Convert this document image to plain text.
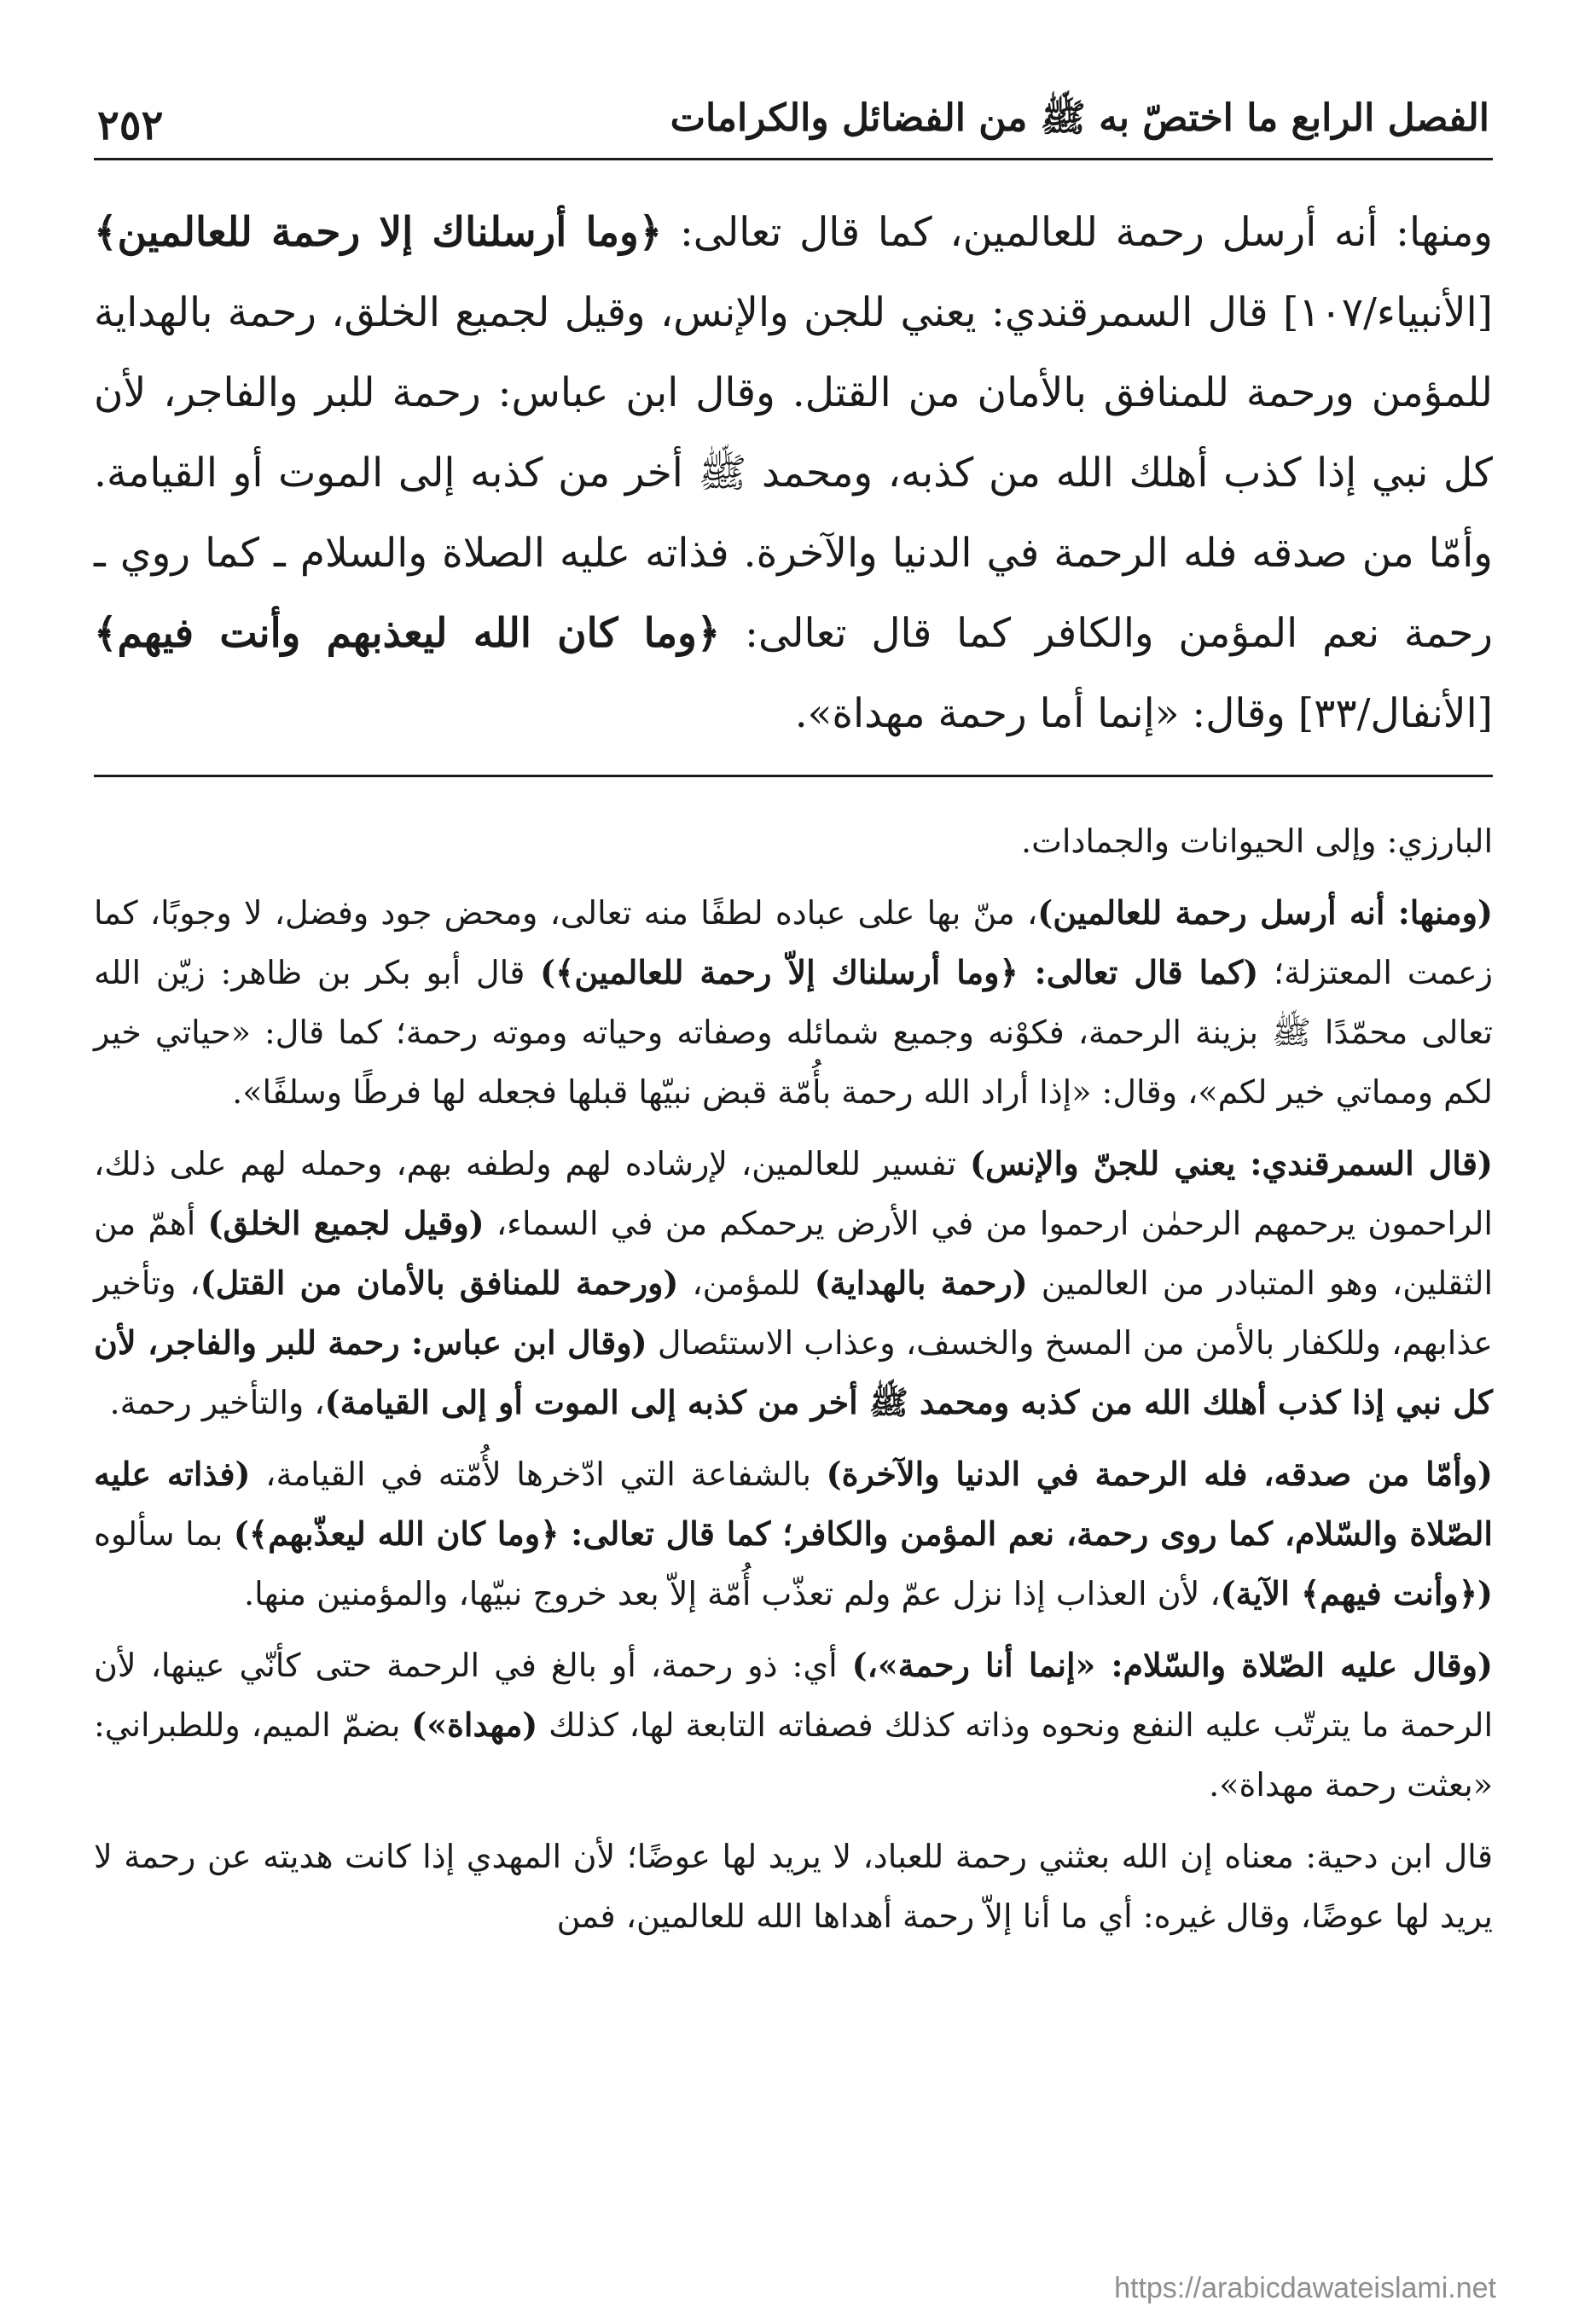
الفصل الرابع ما اختصّ به ﷺ من الفضائل والكرامات
٢٥٢

ومنها: أنه أرسل رحمة للعالمين، كما قال تعالى: ﴿وما أرسلناك إلا رحمة للعالمين﴾ [الأنبياء/١٠٧] قال السمرقندي: يعني للجن والإنس، وقيل لجميع الخلق، رحمة بالهداية للمؤمن ورحمة للمنافق بالأمان من القتل. وقال ابن عباس: رحمة للبر والفاجر، لأن كل نبي إذا كذب أهلك الله من كذبه، ومحمد ﷺ أخر من كذبه إلى الموت أو القيامة. وأمّا من صدقه فله الرحمة في الدنيا والآخرة. فذاته عليه الصلاة والسلام ـ كما روي ـ رحمة نعم المؤمن والكافر كما قال تعالى: ﴿وما كان الله ليعذبهم وأنت فيهم﴾ [الأنفال/٣٣] وقال: «إنما أما رحمة مهداة».

البارزي: وإلى الحيوانات والجمادات.

(ومنها: أنه أرسل رحمة للعالمين)، منّ بها على عباده لطفًا منه تعالى، ومحض جود وفضل، لا وجوبًا، كما زعمت المعتزلة؛ (كما قال تعالى: ﴿وما أرسلناك إلاّ رحمة للعالمين﴾) قال أبو بكر بن ظاهر: زيّن الله تعالى محمّدًا ﷺ بزينة الرحمة، فكوْنه وجميع شمائله وصفاته وحياته وموته رحمة؛ كما قال: «حياتي خير لكم ومماتي خير لكم»، وقال: «إذا أراد الله رحمة بأُمّة قبض نبيّها قبلها فجعله لها فرطًا وسلفًا».

(قال السمرقندي: يعني للجنّ والإنس) تفسير للعالمين، لإرشاده لهم ولطفه بهم، وحمله لهم على ذلك، الراحمون يرحمهم الرحمٰن ارحموا من في الأرض يرحمكم من في السماء، (وقيل لجميع الخلق) أهمّ من الثقلين، وهو المتبادر من العالمين (رحمة بالهداية) للمؤمن، (ورحمة للمنافق بالأمان من القتل)، وتأخير عذابهم، وللكفار بالأمن من المسخ والخسف، وعذاب الاستئصال (وقال ابن عباس: رحمة للبر والفاجر، لأن كل نبي إذا كذب أهلك الله من كذبه ومحمد ﷺ أخر من كذبه إلى الموت أو إلى القيامة)، والتأخير رحمة.

(وأمّا من صدقه، فله الرحمة في الدنيا والآخرة) بالشفاعة التي ادّخرها لأُمّته في القيامة، (فذاته عليه الصّلاة والسّلام، كما روى رحمة، نعم المؤمن والكافر؛ كما قال تعالى: ﴿وما كان الله ليعذّبهم﴾) بما سألوه (﴿وأنت فيهم﴾ الآية)، لأن العذاب إذا نزل عمّ ولم تعذّب أُمّة إلاّ بعد خروج نبيّها، والمؤمنين منها.

(وقال عليه الصّلاة والسّلام: «إنما أنا رحمة»،) أي: ذو رحمة، أو بالغ في الرحمة حتى كأنّي عينها، لأن الرحمة ما يترتّب عليه النفع ونحوه وذاته كذلك فصفاته التابعة لها، كذلك (مهداة») بضمّ الميم، وللطبراني: «بعثت رحمة مهداة».

قال ابن دحية: معناه إن الله بعثني رحمة للعباد، لا يريد لها عوضًا؛ لأن المهدي إذا كانت هديته عن رحمة لا يريد لها عوضًا، وقال غيره: أي ما أنا إلاّ رحمة أهداها الله للعالمين، فمن

https://arabicdawateislami.net
